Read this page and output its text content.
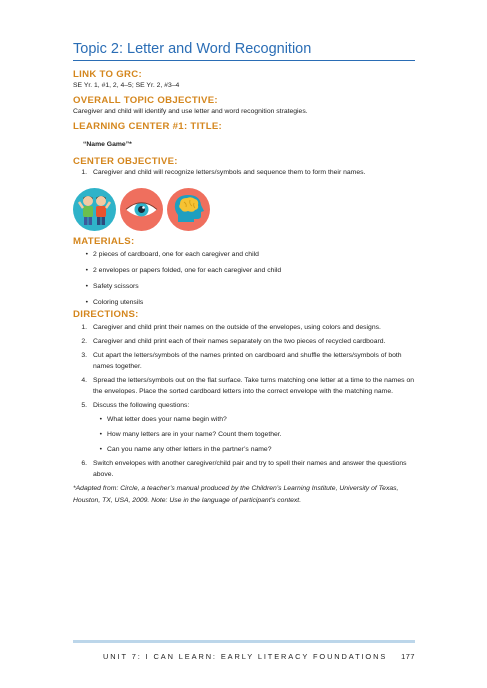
Topic 2: Letter and Word Recognition

LINK TO GRC:

SE Yr. 1, #1, 2, 4–5; SE Yr. 2, #3–4

OVERALL TOPIC OBJECTIVE:

Caregiver and child will identify and use letter and word recognition strategies.

LEARNING CENTER #1: TITLE:

“Name Game”*

CENTER OBJECTIVE:

1. Caregiver and child will recognize letters/symbols and sequence them to form their names.

MATERIALS:

• 2 pieces of cardboard, one for each caregiver and child
• 2 envelopes or papers folded, one for each caregiver and child
• Safety scissors
• Coloring utensils

DIRECTIONS:

1. Caregiver and child print their names on the outside of the envelopes, using colors and designs.
2. Caregiver and child print each of their names separately on the two pieces of recycled cardboard.
3. Cut apart the letters/symbols of the names printed on cardboard and shuffle the letters/symbols of both names together.
4. Spread the letters/symbols out on the flat surface. Take turns matching one letter at a time to the names on the envelopes. Place the sorted cardboard letters into the correct envelope with the matching name.
5. Discuss the following questions:
• What letter does your name begin with?
• How many letters are in your name? Count them together.
• Can you name any other letters in the partner’s name?
6. Switch envelopes with another caregiver/child pair and try to spell their names and answer the questions above.

*Adapted from: Circle, a teacher’s manual produced by the Children’s Learning Institute, University of Texas, Houston, TX, USA, 2009. Note: Use in the language of participant’s context.

UNIT 7: I CAN LEARN: EARLY LITERACY FOUNDATIONS 177
